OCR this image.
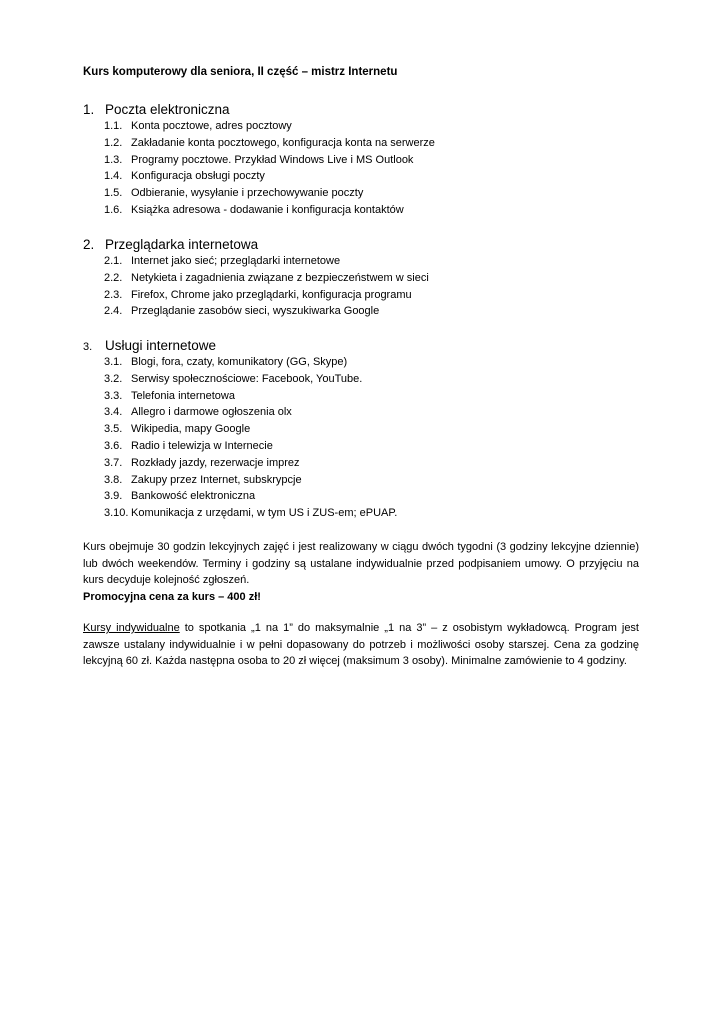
Kurs komputerowy dla seniora, II część – mistrz Internetu
1. Poczta elektroniczna
1.1. Konta pocztowe, adres pocztowy
1.2. Zakładanie konta pocztowego, konfiguracja konta na serwerze
1.3. Programy pocztowe. Przykład Windows Live i MS Outlook
1.4. Konfiguracja obsługi poczty
1.5. Odbieranie, wysyłanie i przechowywanie poczty
1.6. Książka adresowa - dodawanie i konfiguracja kontaktów
2. Przeglądarka internetowa
2.1. Internet jako sieć; przeglądarki internetowe
2.2. Netykieta i zagadnienia związane z bezpieczeństwem w sieci
2.3. Firefox, Chrome jako przeglądarki, konfiguracja programu
2.4. Przeglądanie zasobów sieci, wyszukiwarka Google
3. Usługi internetowe
3.1. Blogi, fora, czaty, komunikatory (GG, Skype)
3.2. Serwisy społecznościowe: Facebook, YouTube.
3.3. Telefonia internetowa
3.4. Allegro i darmowe ogłoszenia olx
3.5. Wikipedia, mapy Google
3.6. Radio i telewizja w Internecie
3.7. Rozkłady jazdy, rezerwacje imprez
3.8. Zakupy przez Internet, subskrypcje
3.9. Bankowość elektroniczna
3.10. Komunikacja z urzędami, w tym US i ZUS-em; ePUAP.

Kurs obejmuje 30 godzin lekcyjnych zajęć i jest realizowany w ciągu dwóch tygodni (3 godziny lekcyjne dziennie) lub dwóch weekendów. Terminy i godziny są ustalane indywidualnie przed podpisaniem umowy. O przyjęciu na kurs decyduje kolejność zgłoszeń.

Promocyjna cena za kurs – 400 zł!

Kursy indywidualne to spotkania „1 na 1” do maksymalnie „1 na 3” – z osobistym wykładowcą. Program jest zawsze ustalany indywidualnie i w pełni dopasowany do potrzeb i możliwości osoby starszej. Cena za godzinę lekcyjną 60 zł. Każda następna osoba to 20 zł więcej (maksimum 3 osoby). Minimalne zamówienie to 4 godziny.
